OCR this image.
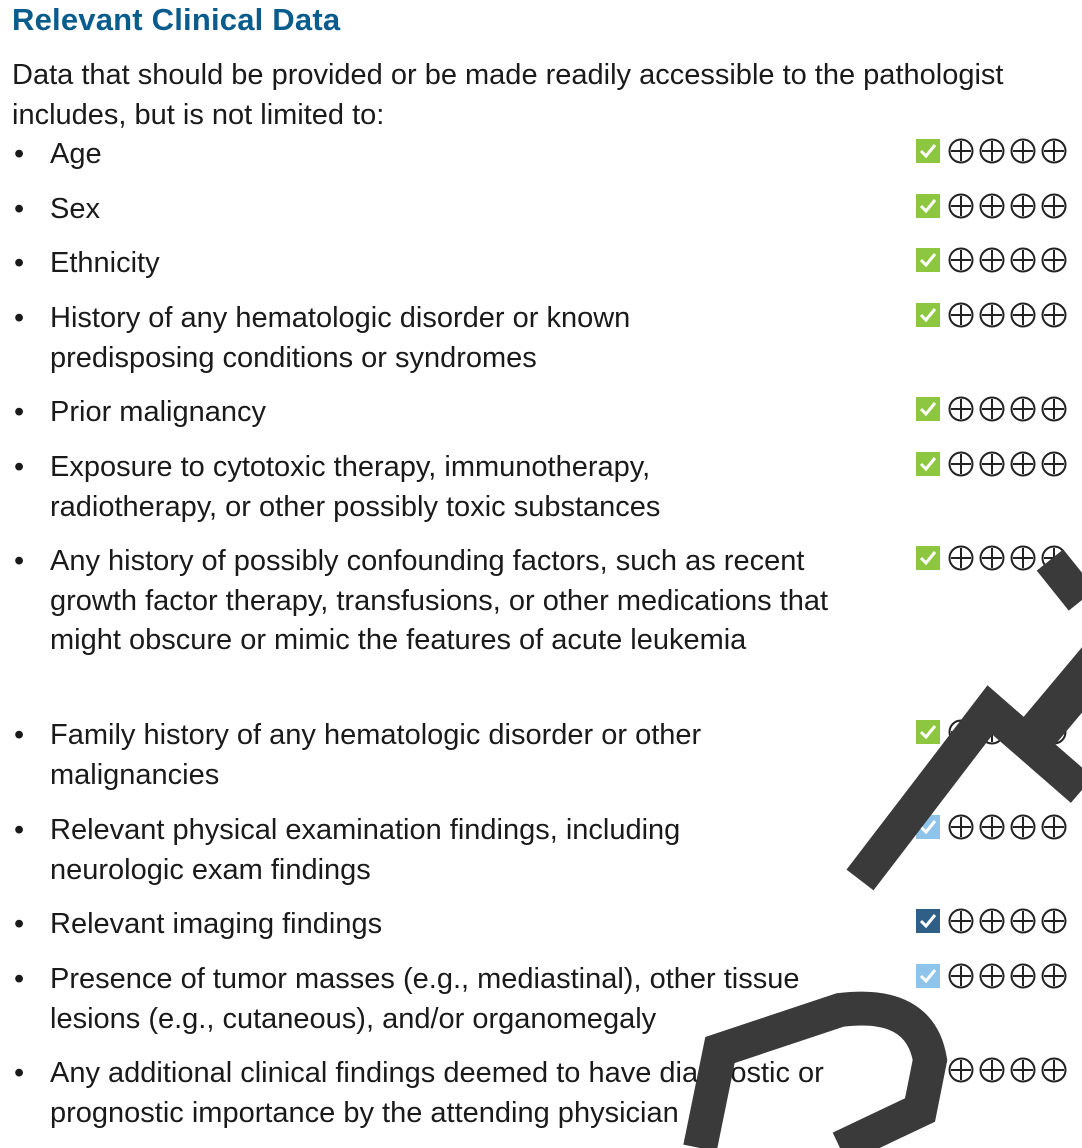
Relevant Clinical Data
Data that should be provided or be made readily accessible to the pathologist includes, but is not limited to:
• Age
• Sex
• Ethnicity
• History of any hematologic disorder or known predisposing conditions or syndromes
• Prior malignancy
• Exposure to cytotoxic therapy, immunotherapy, radiotherapy, or other possibly toxic substances
• Any history of possibly confounding factors, such as recent growth factor therapy, transfusions, or other medications that might obscure or mimic the features of acute leukemia
• Family history of any hematologic disorder or other malignancies
• Relevant physical examination findings, including neurologic exam findings
• Relevant imaging findings
• Presence of tumor masses (e.g., mediastinal), other tissue lesions (e.g., cutaneous), and/or organomegaly
• Any additional clinical findings deemed to have diagnostic or prognostic importance by the attending physician
